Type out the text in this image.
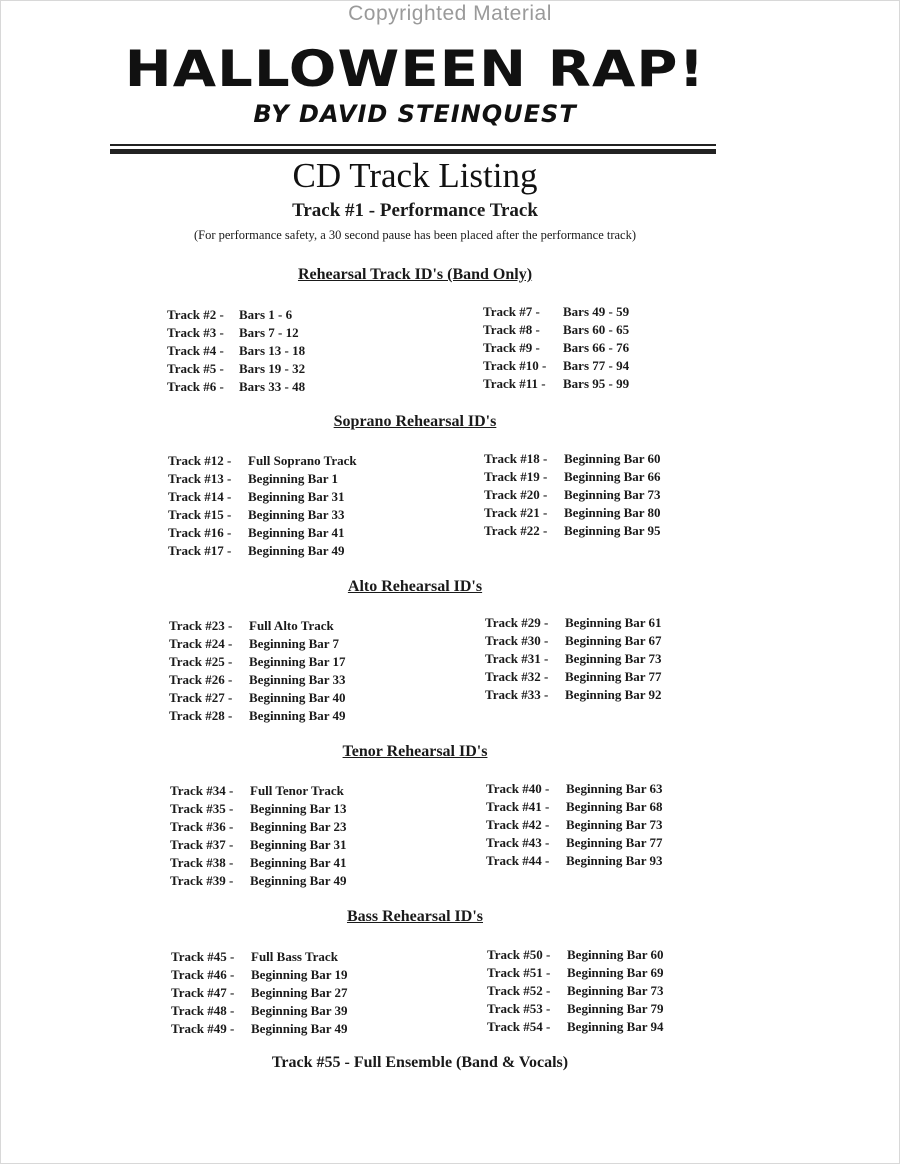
Copyrighted Material
HALLOWEEN RAP!
BY DAVID STEINQUEST
CD Track Listing
Track #1 - Performance Track
(For performance safety, a 30 second pause has been placed after the performance track)
Rehearsal Track ID's (Band Only)
Track #2 - Bars 1 - 6
Track #3 - Bars 7 - 12
Track #4 - Bars 13 - 18
Track #5 - Bars 19 - 32
Track #6 - Bars 33 - 48
Track #7 - Bars 49 - 59
Track #8 - Bars 60 - 65
Track #9 - Bars 66 - 76
Track #10 - Bars 77 - 94
Track #11 - Bars 95 - 99
Soprano Rehearsal ID's
Track #12 - Full Soprano Track
Track #13 - Beginning Bar 1
Track #14 - Beginning Bar 31
Track #15 - Beginning Bar 33
Track #16 - Beginning Bar 41
Track #17 - Beginning Bar 49
Track #18 - Beginning Bar 60
Track #19 - Beginning Bar 66
Track #20 - Beginning Bar 73
Track #21 - Beginning Bar 80
Track #22 - Beginning Bar 95
Alto Rehearsal ID's
Track #23 - Full Alto Track
Track #24 - Beginning Bar 7
Track #25 - Beginning Bar 17
Track #26 - Beginning Bar 33
Track #27 - Beginning Bar 40
Track #28 - Beginning Bar 49
Track #29 - Beginning Bar 61
Track #30 - Beginning Bar 67
Track #31 - Beginning Bar 73
Track #32 - Beginning Bar 77
Track #33 - Beginning Bar 92
Tenor Rehearsal ID's
Track #34 - Full Tenor Track
Track #35 - Beginning Bar 13
Track #36 - Beginning Bar 23
Track #37 - Beginning Bar 31
Track #38 - Beginning Bar 41
Track #39 - Beginning Bar 49
Track #40 - Beginning Bar 63
Track #41 - Beginning Bar 68
Track #42 - Beginning Bar 73
Track #43 - Beginning Bar 77
Track #44 - Beginning Bar 93
Bass Rehearsal ID's
Track #45 - Full Bass Track
Track #46 - Beginning Bar 19
Track #47 - Beginning Bar 27
Track #48 - Beginning Bar 39
Track #49 - Beginning Bar 49
Track #50 - Beginning Bar 60
Track #51 - Beginning Bar 69
Track #52 - Beginning Bar 73
Track #53 - Beginning Bar 79
Track #54 - Beginning Bar 94
Track #55 - Full Ensemble (Band & Vocals)
